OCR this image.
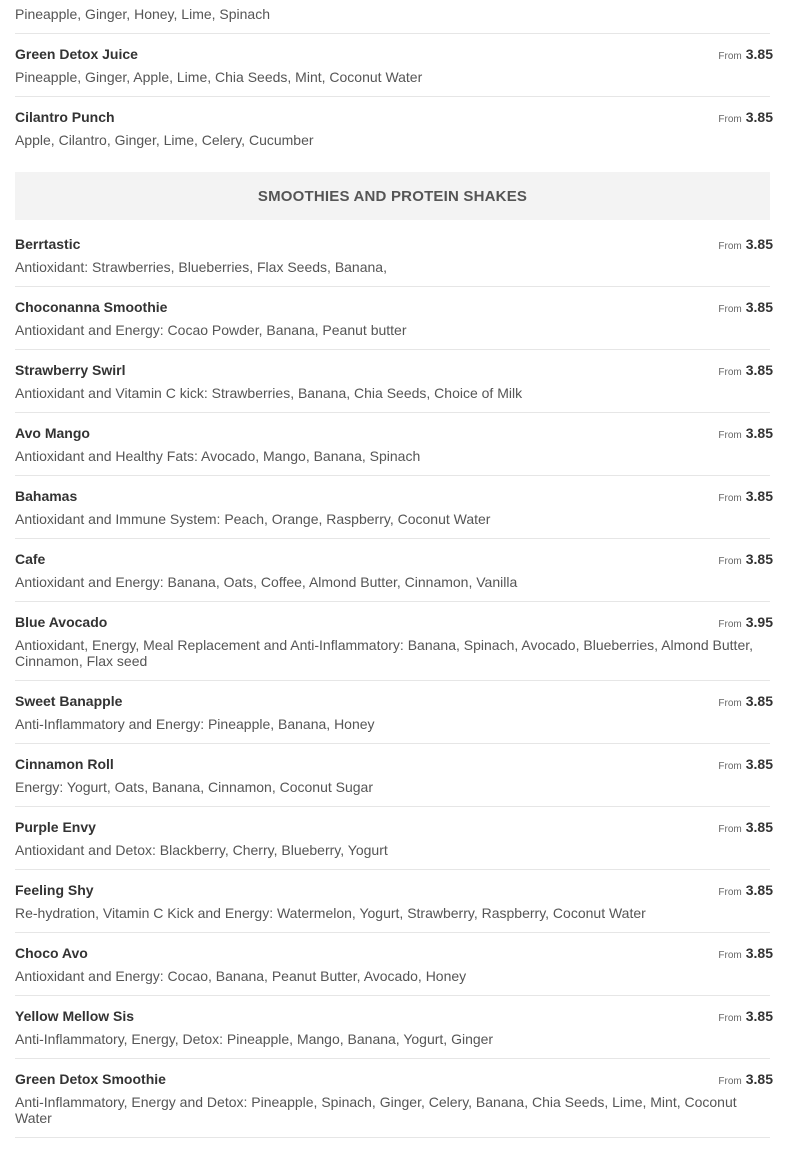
Pineapple, Ginger, Honey, Lime, Spinach
Green Detox Juice	From 3.85
Pineapple, Ginger, Apple, Lime, Chia Seeds, Mint, Coconut Water
Cilantro Punch	From 3.85
Apple, Cilantro, Ginger, Lime, Celery, Cucumber
SMOOTHIES AND PROTEIN SHAKES
Berrtastic	From 3.85
Antioxidant: Strawberries, Blueberries, Flax Seeds, Banana,
Choconanna Smoothie	From 3.85
Antioxidant and Energy: Cocao Powder, Banana, Peanut butter
Strawberry Swirl	From 3.85
Antioxidant and Vitamin C kick: Strawberries, Banana, Chia Seeds, Choice of Milk
Avo Mango	From 3.85
Antioxidant and Healthy Fats: Avocado, Mango, Banana, Spinach
Bahamas	From 3.85
Antioxidant and Immune System: Peach, Orange, Raspberry, Coconut Water
Cafe	From 3.85
Antioxidant and Energy: Banana, Oats, Coffee, Almond Butter, Cinnamon, Vanilla
Blue Avocado	From 3.95
Antioxidant, Energy, Meal Replacement and Anti-Inflammatory: Banana, Spinach, Avocado, Blueberries, Almond Butter, Cinnamon, Flax seed
Sweet Banapple	From 3.85
Anti-Inflammatory and Energy: Pineapple, Banana, Honey
Cinnamon Roll	From 3.85
Energy: Yogurt, Oats, Banana, Cinnamon, Coconut Sugar
Purple Envy	From 3.85
Antioxidant and Detox: Blackberry, Cherry, Blueberry, Yogurt
Feeling Shy	From 3.85
Re-hydration, Vitamin C Kick and Energy: Watermelon, Yogurt, Strawberry, Raspberry, Coconut Water
Choco Avo	From 3.85
Antioxidant and Energy: Cocao, Banana, Peanut Butter, Avocado, Honey
Yellow Mellow Sis	From 3.85
Anti-Inflammatory, Energy, Detox: Pineapple, Mango, Banana, Yogurt, Ginger
Green Detox Smoothie	From 3.85
Anti-Inflammatory, Energy and Detox: Pineapple, Spinach, Ginger, Celery, Banana, Chia Seeds, Lime, Mint, Coconut Water
